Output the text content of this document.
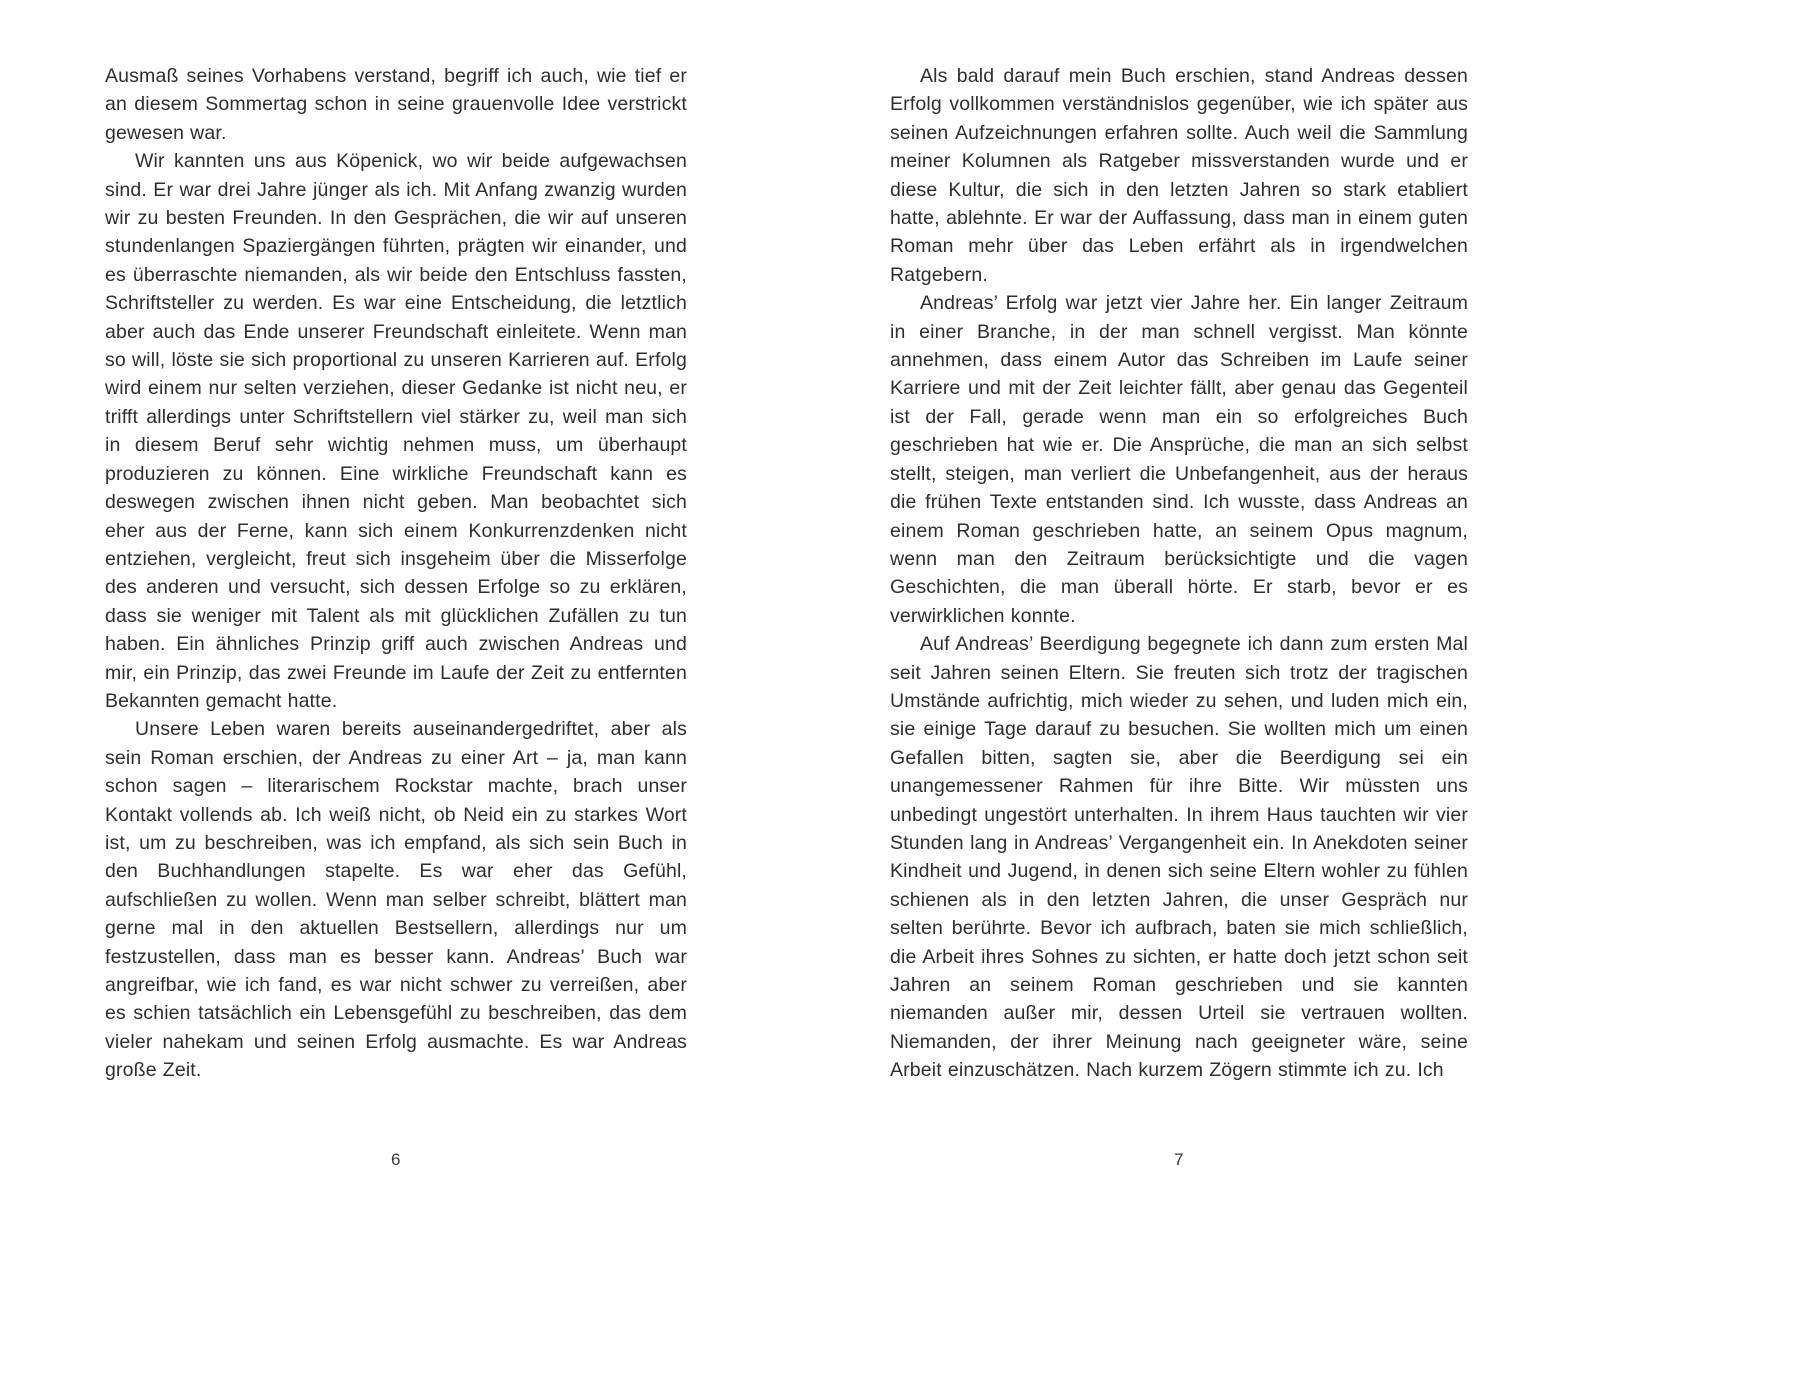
Ausmaß seines Vorhabens verstand, begriff ich auch, wie tief er an diesem Sommertag schon in seine grauenvolle Idee verstrickt gewesen war.

Wir kannten uns aus Köpenick, wo wir beide aufgewachsen sind. Er war drei Jahre jünger als ich. Mit Anfang zwanzig wurden wir zu besten Freunden. In den Gesprächen, die wir auf unseren stundenlangen Spaziergängen führten, prägten wir einander, und es überraschte niemanden, als wir beide den Entschluss fassten, Schriftsteller zu werden. Es war eine Entscheidung, die letztlich aber auch das Ende unserer Freundschaft einleitete. Wenn man so will, löste sie sich proportional zu unseren Karrieren auf. Erfolg wird einem nur selten verziehen, dieser Gedanke ist nicht neu, er trifft allerdings unter Schriftstellern viel stärker zu, weil man sich in diesem Beruf sehr wichtig nehmen muss, um überhaupt produzieren zu können. Eine wirkliche Freundschaft kann es deswegen zwischen ihnen nicht geben. Man beobachtet sich eher aus der Ferne, kann sich einem Konkurrenzdenken nicht entziehen, vergleicht, freut sich insgeheim über die Misserfolge des anderen und versucht, sich dessen Erfolge so zu erklären, dass sie weniger mit Talent als mit glücklichen Zufällen zu tun haben. Ein ähnliches Prinzip griff auch zwischen Andreas und mir, ein Prinzip, das zwei Freunde im Laufe der Zeit zu entfernten Bekannten gemacht hatte.

Unsere Leben waren bereits auseinandergedriftet, aber als sein Roman erschien, der Andreas zu einer Art – ja, man kann schon sagen – literarischem Rockstar machte, brach unser Kontakt vollends ab. Ich weiß nicht, ob Neid ein zu starkes Wort ist, um zu beschreiben, was ich empfand, als sich sein Buch in den Buchhandlungen stapelte. Es war eher das Gefühl, aufschließen zu wollen. Wenn man selber schreibt, blättert man gerne mal in den aktuellen Bestsellern, allerdings nur um festzustellen, dass man es besser kann. Andreas’ Buch war angreifbar, wie ich fand, es war nicht schwer zu verreißen, aber es schien tatsächlich ein Lebensgefühl zu beschreiben, das dem vieler nahekam und seinen Erfolg ausmachte. Es war Andreas große Zeit.

Als bald darauf mein Buch erschien, stand Andreas dessen Erfolg vollkommen verständnislos gegenüber, wie ich später aus seinen Aufzeichnungen erfahren sollte. Auch weil die Sammlung meiner Kolumnen als Ratgeber missverstanden wurde und er diese Kultur, die sich in den letzten Jahren so stark etabliert hatte, ablehnte. Er war der Auffassung, dass man in einem guten Roman mehr über das Leben erfährt als in irgendwelchen Ratgebern.

Andreas’ Erfolg war jetzt vier Jahre her. Ein langer Zeitraum in einer Branche, in der man schnell vergisst. Man könnte annehmen, dass einem Autor das Schreiben im Laufe seiner Karriere und mit der Zeit leichter fällt, aber genau das Gegenteil ist der Fall, gerade wenn man ein so erfolgreiches Buch geschrieben hat wie er. Die Ansprüche, die man an sich selbst stellt, steigen, man verliert die Unbefangenheit, aus der heraus die frühen Texte entstanden sind. Ich wusste, dass Andreas an einem Roman geschrieben hatte, an seinem Opus magnum, wenn man den Zeitraum berücksichtigte und die vagen Geschichten, die man überall hörte. Er starb, bevor er es verwirklichen konnte.

Auf Andreas’ Beerdigung begegnete ich dann zum ersten Mal seit Jahren seinen Eltern. Sie freuten sich trotz der tragischen Umstände aufrichtig, mich wieder zu sehen, und luden mich ein, sie einige Tage darauf zu besuchen. Sie wollten mich um einen Gefallen bitten, sagten sie, aber die Beerdigung sei ein unangemessener Rahmen für ihre Bitte. Wir müssten uns unbedingt ungestört unterhalten. In ihrem Haus tauchten wir vier Stunden lang in Andreas’ Vergangenheit ein. In Anekdoten seiner Kindheit und Jugend, in denen sich seine Eltern wohler zu fühlen schienen als in den letzten Jahren, die unser Gespräch nur selten berührte. Bevor ich aufbrach, baten sie mich schließlich, die Arbeit ihres Sohnes zu sichten, er hatte doch jetzt schon seit Jahren an seinem Roman geschrieben und sie kannten niemanden außer mir, dessen Urteil sie vertrauen wollten. Niemanden, der ihrer Meinung nach geeigneter wäre, seine Arbeit einzuschätzen. Nach kurzem Zögern stimmte ich zu. Ich

6	7
